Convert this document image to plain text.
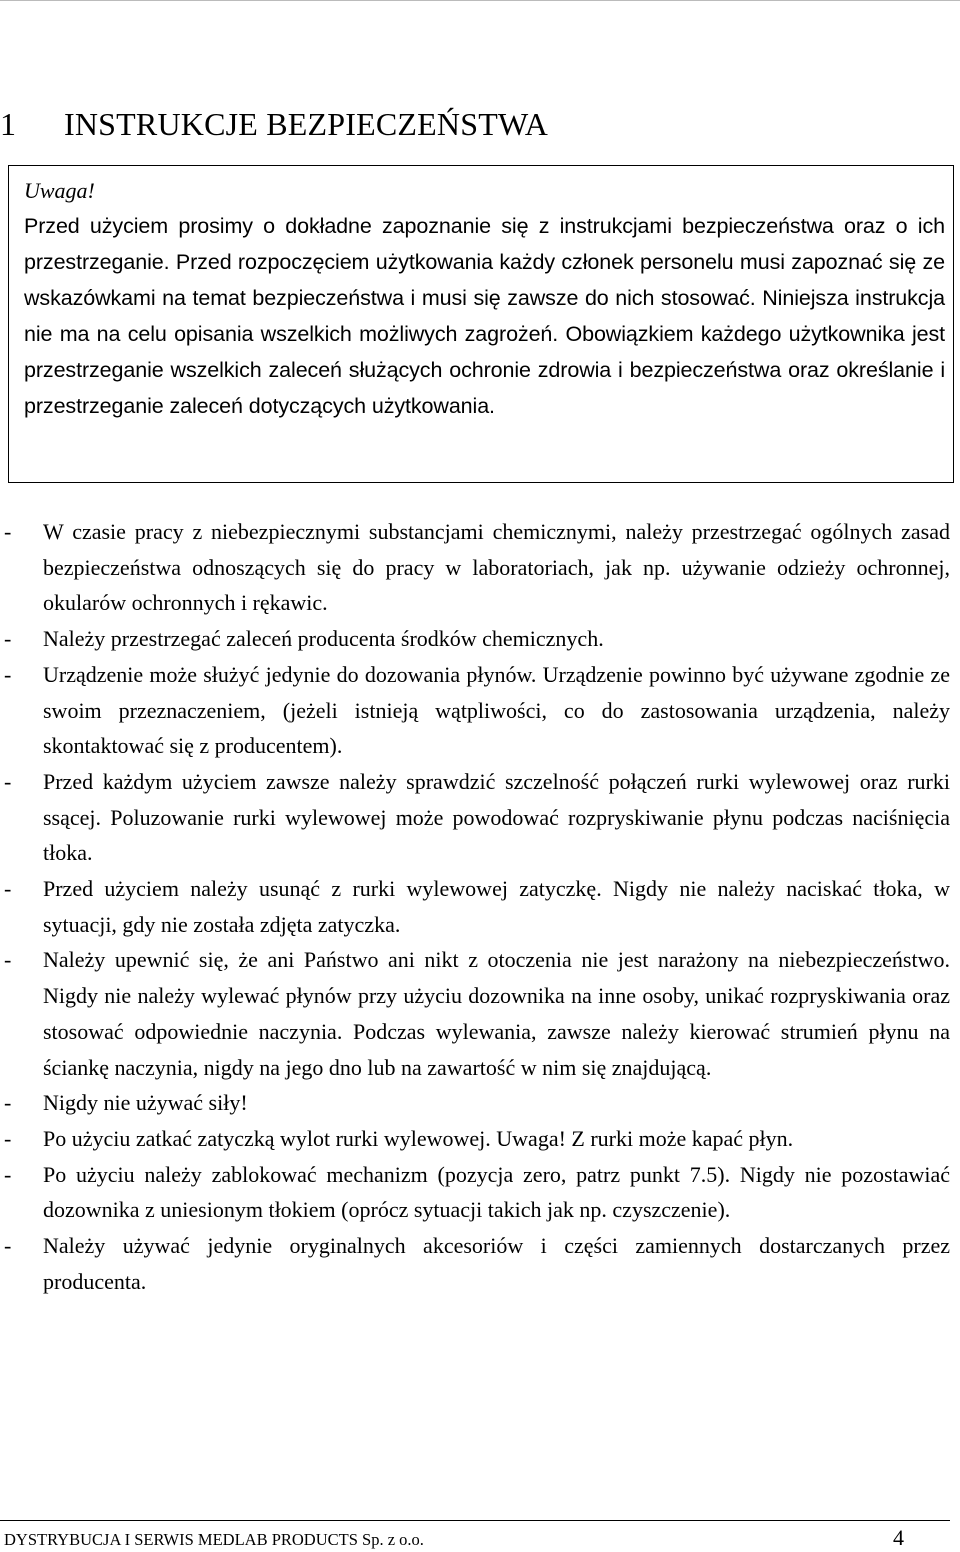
1 INSTRUKCJE BEZPIECZEŃSTWA

Uwaga!

Przed użyciem prosimy o dokładne zapoznanie się z instrukcjami bezpieczeństwa oraz o ich przestrzeganie. Przed rozpoczęciem użytkowania każdy członek personelu musi zapoznać się ze wskazówkami na temat bezpieczeństwa i musi się zawsze do nich stosować. Niniejsza instrukcja nie ma na celu opisania wszelkich możliwych zagrożeń. Obowiązkiem każdego użytkownika jest przestrzeganie wszelkich zaleceń służących ochronie zdrowia i bezpieczeństwa oraz określanie i przestrzeganie zaleceń dotyczących użytkowania.

-	W czasie pracy z niebezpiecznymi substancjami chemicznymi, należy przestrzegać ogólnych zasad bezpieczeństwa odnoszących się do pracy w laboratoriach, jak np. używanie odzieży ochronnej, okularów ochronnych i rękawic.
-	Należy przestrzegać zaleceń producenta środków chemicznych.
-	Urządzenie może służyć jedynie do dozowania płynów. Urządzenie powinno być używane zgodnie ze swoim przeznaczeniem, (jeżeli istnieją wątpliwości, co do zastosowania urządzenia, należy skontaktować się z producentem).
-	Przed każdym użyciem zawsze należy sprawdzić szczelność połączeń rurki wylewowej oraz rurki ssącej. Poluzowanie rurki wylewowej może powodować rozpryskiwanie płynu podczas naciśnięcia tłoka.
-	Przed użyciem należy usunąć z rurki wylewowej zatyczkę. Nigdy nie należy naciskać tłoka, w sytuacji, gdy nie została zdjęta zatyczka.
-	Należy upewnić się, że ani Państwo ani nikt z otoczenia nie jest narażony na niebezpieczeństwo. Nigdy nie należy wylewać płynów przy użyciu dozownika na inne osoby, unikać rozpryskiwania oraz stosować odpowiednie naczynia. Podczas wylewania, zawsze należy kierować strumień płynu na ściankę naczynia, nigdy na jego dno lub na zawartość w nim się znajdującą.
-	Nigdy nie używać siły!
-	Po użyciu zatkać zatyczką wylot rurki wylewowej. Uwaga! Z rurki może kapać płyn.
-	Po użyciu należy zablokować mechanizm (pozycja zero, patrz punkt 7.5). Nigdy nie pozostawiać dozownika z uniesionym tłokiem (oprócz sytuacji takich jak np. czyszczenie).
-	Należy używać jedynie oryginalnych akcesoriów i części zamiennych dostarczanych przez producenta.
DYSTRYBUCJA I SERWIS MEDLAB PRODUCTS Sp. z o.o.	4
